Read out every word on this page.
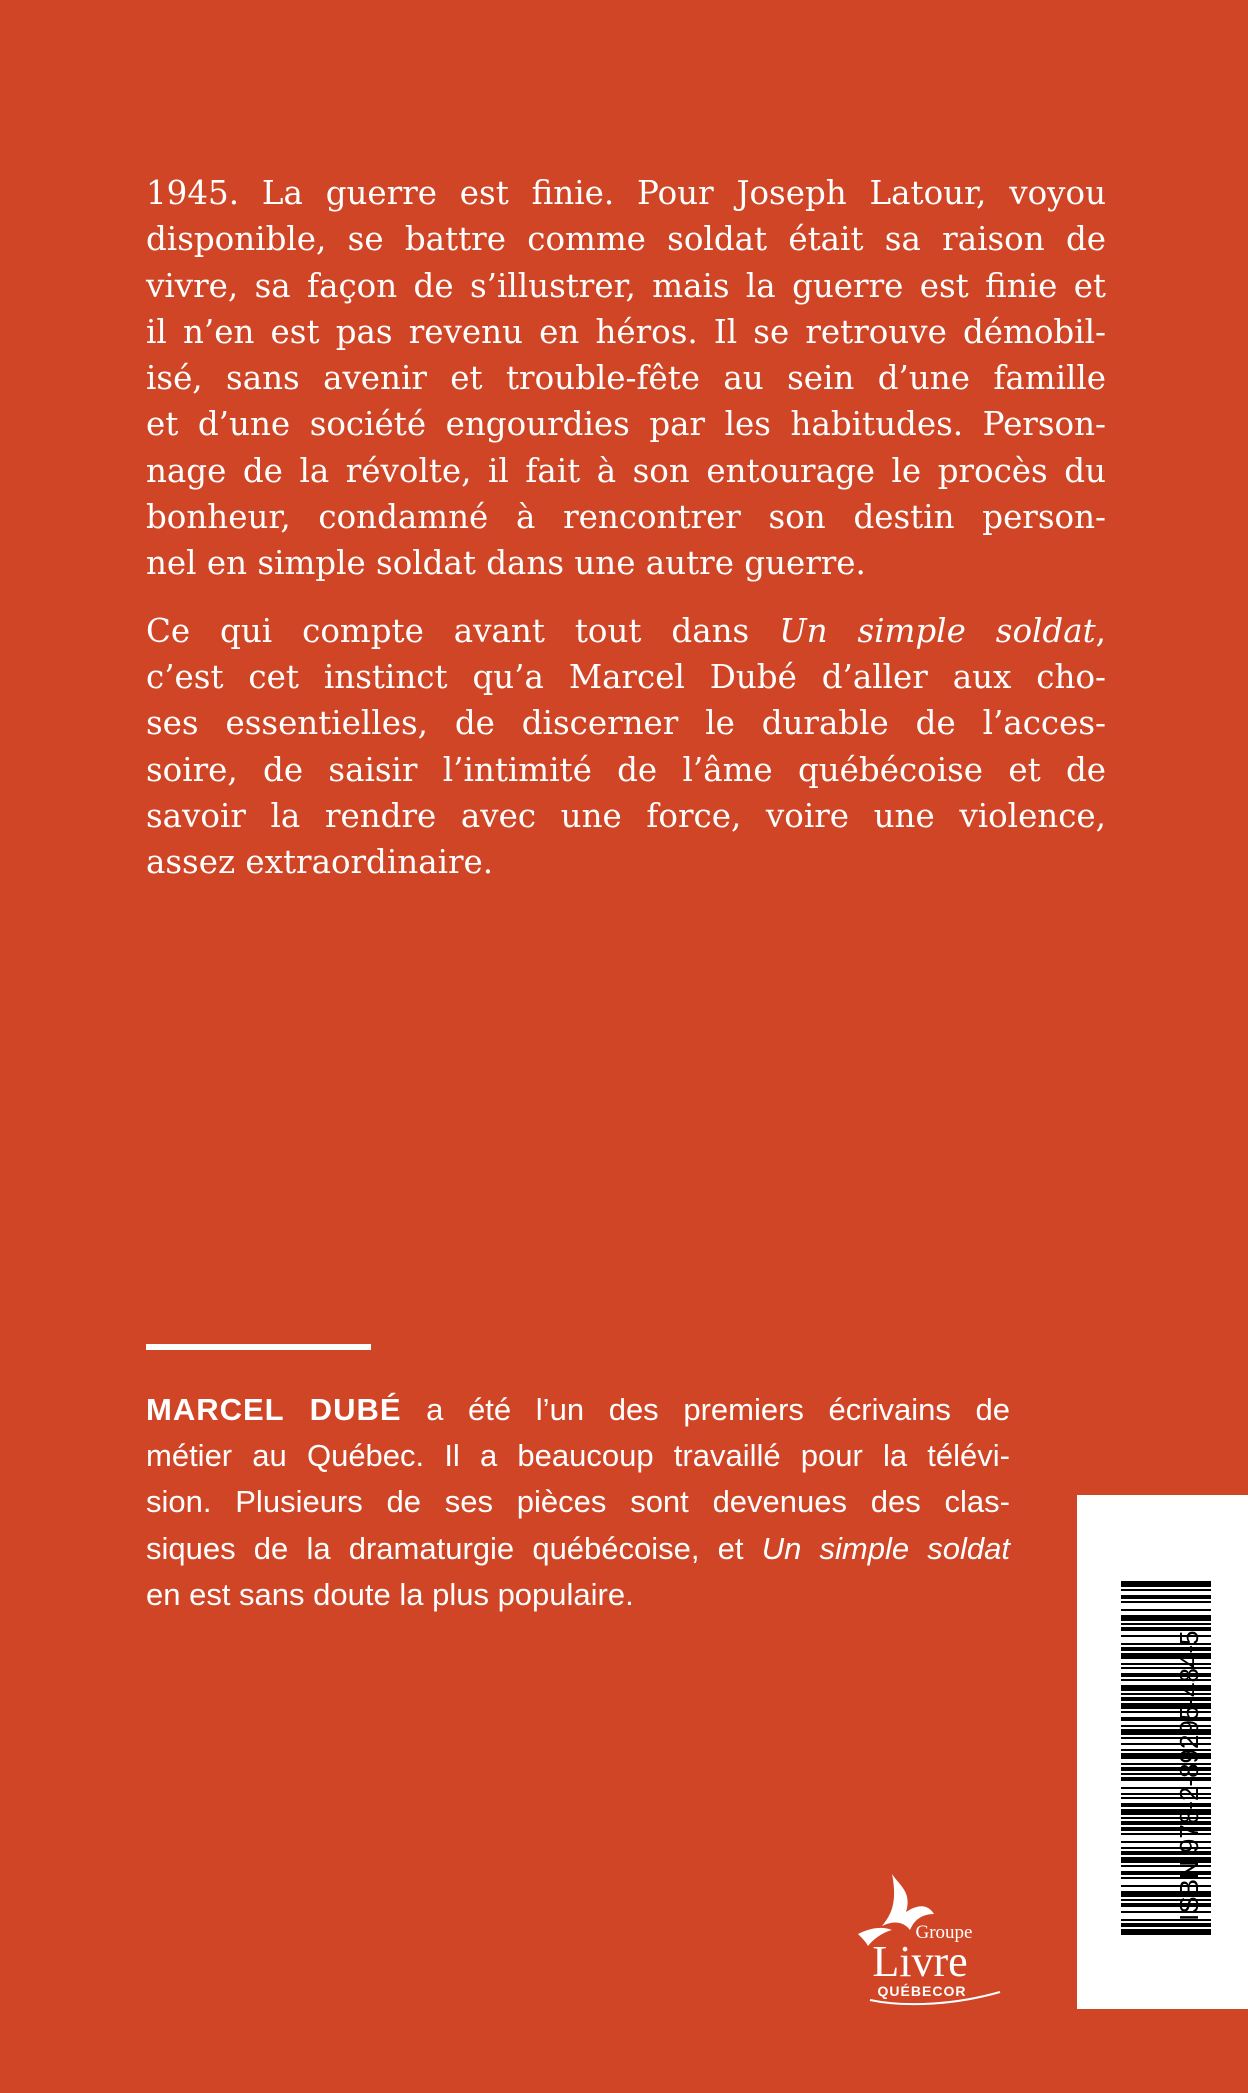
1945. La guerre est finie. Pour Joseph Latour, voyou
disponible, se battre comme soldat était sa raison de
vivre, sa façon de s’illustrer, mais la guerre est finie et
il n’en est pas revenu en héros. Il se retrouve démobil-
isé, sans avenir et trouble-fête au sein d’une famille
et d’une société engourdies par les habitudes. Person-
nage de la révolte, il fait à son entourage le procès du
bonheur, condamné à rencontrer son destin person-
nel en simple soldat dans une autre guerre.
Ce qui compte avant tout dans Un simple soldat,
c’est cet instinct qu’a Marcel Dubé d’aller aux cho-
ses essentielles, de discerner le durable de l’acces-
soire, de saisir l’intimité de l’âme québécoise et de
savoir la rendre avec une force, voire une violence,
assez extraordinaire.
MARCEL DUBÉ a été l’un des premiers écrivains de
métier au Québec. Il a beaucoup travaillé pour la télévi-
sion. Plusieurs de ses pièces sont devenues des clas-
siques de la dramaturgie québécoise, et Un simple soldat
en est sans doute la plus populaire.
ISBN 978-2-89295-484-5
Groupe
Livre
QUÉBECOR
